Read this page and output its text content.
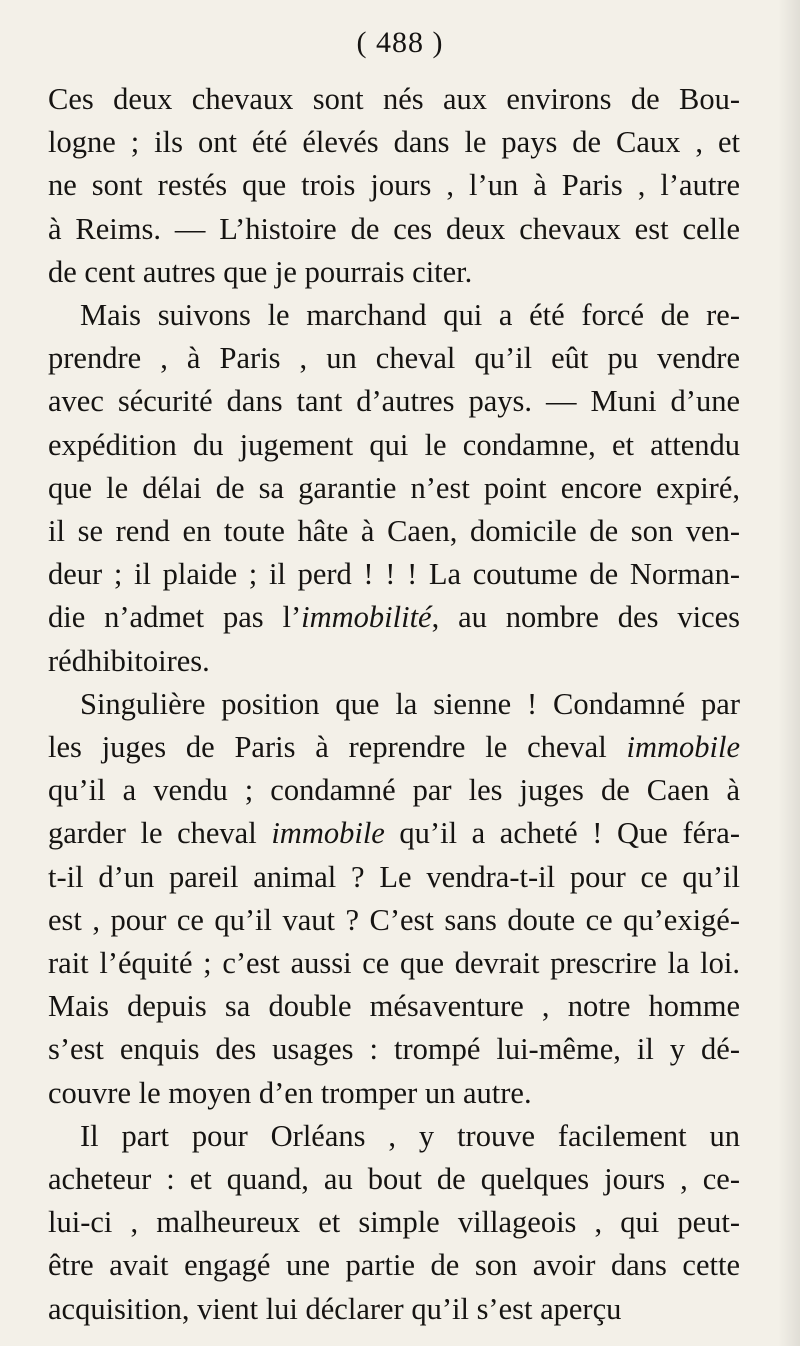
( 488 )
Ces deux chevaux sont nés aux environs de Bou-
logne ; ils ont été élevés dans le pays de Caux , et
ne sont restés que trois jours , l’un à Paris , l’autre
à Reims. — L’histoire de ces deux chevaux est celle
de cent autres que je pourrais citer.
Mais suivons le marchand qui a été forcé de re-
prendre , à Paris , un cheval qu’il eût pu vendre
avec sécurité dans tant d’autres pays. — Muni d’une
expédition du jugement qui le condamne, et attendu
que le délai de sa garantie n’est point encore expiré,
il se rend en toute hâte à Caen, domicile de son ven-
deur ; il plaide ; il perd ! ! ! La coutume de Norman-
die n’admet pas l’immobilité, au nombre des vices
rédhibitoires.
Singulière position que la sienne ! Condamné par
les juges de Paris à reprendre le cheval immobile
qu’il a vendu ; condamné par les juges de Caen à
garder le cheval immobile qu’il a acheté ! Que féra-
t-il d’un pareil animal ? Le vendra-t-il pour ce qu’il
est , pour ce qu’il vaut ? C’est sans doute ce qu’exigé-
rait l’équité ; c’est aussi ce que devrait prescrire la loi.
Mais depuis sa double mésaventure , notre homme
s’est enquis des usages : trompé lui-même, il y dé-
couvre le moyen d’en tromper un autre.
Il part pour Orléans , y trouve facilement un
acheteur : et quand, au bout de quelques jours , ce-
lui-ci , malheureux et simple villageois , qui peut-
être avait engagé une partie de son avoir dans cette
acquisition, vient lui déclarer qu’il s’est aperçu
